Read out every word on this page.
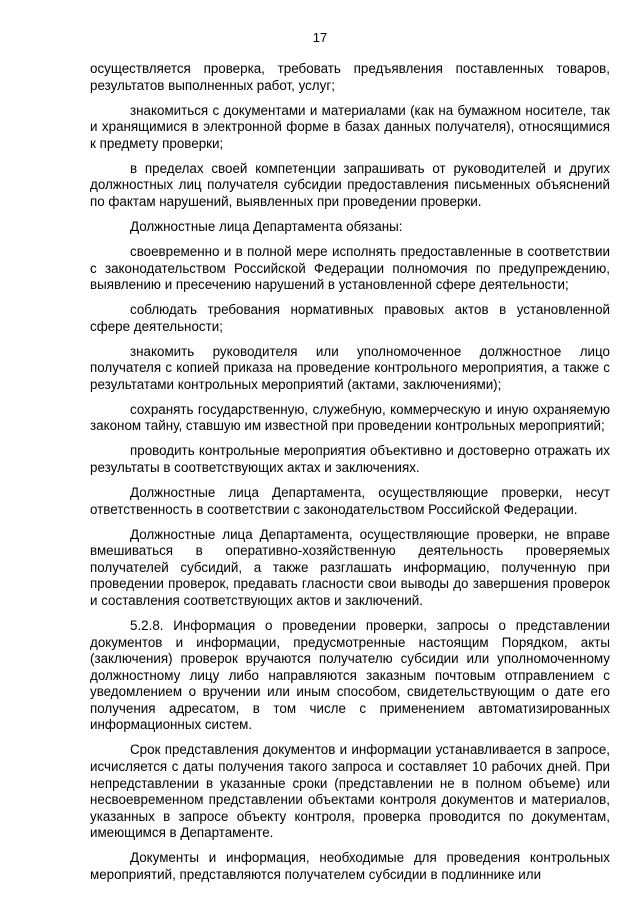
17

осуществляется проверка, требовать предъявления поставленных товаров, результатов выполненных работ, услуг;

знакомиться с документами и материалами (как на бумажном носителе, так и хранящимися в электронной форме в базах данных получателя), относящимися к предмету проверки;

в пределах своей компетенции запрашивать от руководителей и других должностных лиц получателя субсидии предоставления письменных объяснений по фактам нарушений, выявленных при проведении проверки.

Должностные лица Департамента обязаны:

своевременно и в полной мере исполнять предоставленные в соответствии с законодательством Российской Федерации полномочия по предупреждению, выявлению и пресечению нарушений в установленной сфере деятельности;

соблюдать требования нормативных правовых актов в установленной сфере деятельности;

знакомить руководителя или уполномоченное должностное лицо получателя с копией приказа на проведение контрольного мероприятия, а также с результатами контрольных мероприятий (актами, заключениями);

сохранять государственную, служебную, коммерческую и иную охраняемую законом тайну, ставшую им известной при проведении контрольных мероприятий;

проводить контрольные мероприятия объективно и достоверно отражать их результаты в соответствующих актах и заключениях.

Должностные лица Департамента, осуществляющие проверки, несут ответственность в соответствии с законодательством Российской Федерации.

Должностные лица Департамента, осуществляющие проверки, не вправе вмешиваться в оперативно-хозяйственную деятельность проверяемых получателей субсидий, а также разглашать информацию, полученную при проведении проверок, предавать гласности свои выводы до завершения проверок и составления соответствующих актов и заключений.

5.2.8. Информация о проведении проверки, запросы о представлении документов и информации, предусмотренные настоящим Порядком, акты (заключения) проверок вручаются получателю субсидии или уполномоченному должностному лицу либо направляются заказным почтовым отправлением с уведомлением о вручении или иным способом, свидетельствующим о дате его получения адресатом, в том числе с применением автоматизированных информационных систем.

Срок представления документов и информации устанавливается в запросе, исчисляется с даты получения такого запроса и составляет 10 рабочих дней. При непредставлении в указанные сроки (представлении не в полном объеме) или несвоевременном представлении объектами контроля документов и материалов, указанных в запросе объекту контроля, проверка проводится по документам, имеющимся в Департаменте.

Документы и информация, необходимые для проведения контрольных мероприятий, представляются получателем субсидии в подлиннике или
